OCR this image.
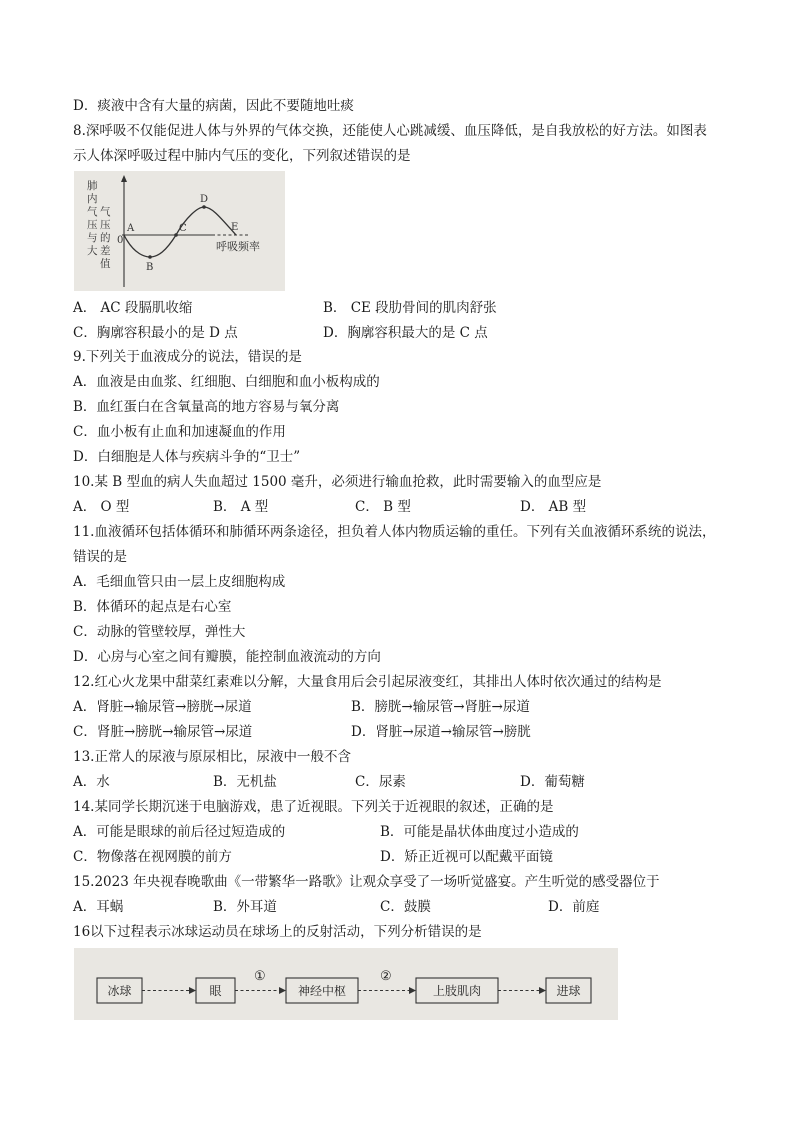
D．痰液中含有大量的病菌，因此不要随地吐痰
8.深呼吸不仅能促进人体与外界的气体交换，还能使人心跳减缓、血压降低，是自我放松的好方法。如图表
示人体深呼吸过程中肺内气压的变化，下列叙述错误的是
肺内气压与大气压的差值
呼吸频率
0
A
B
C
D
E
A． AC 段膈肌收缩	B． CE 段肋骨间的肌肉舒张
C．胸廓容积最小的是 D 点	D．胸廓容积最大的是 C 点
9.下列关于血液成分的说法，错误的是
A．血液是由血浆、红细胞、白细胞和血小板构成的
B．血红蛋白在含氧量高的地方容易与氧分离
C．血小板有止血和加速凝血的作用
D．白细胞是人体与疾病斗争的“卫士”
10.某 B 型血的病人失血超过 1500 毫升，必须进行输血抢救，此时需要输入的血型应是
A． O 型	B． A 型	C． B 型	D． AB 型
11.血液循环包括体循环和肺循环两条途径，担负着人体内物质运输的重任。下列有关血液循环系统的说法，
错误的是
A．毛细血管只由一层上皮细胞构成
B．体循环的起点是右心室
C．动脉的管壁较厚，弹性大
D．心房与心室之间有瓣膜，能控制血液流动的方向
12.红心火龙果中甜菜红素难以分解，大量食用后会引起尿液变红，其排出人体时依次通过的结构是
A．肾脏→输尿管→膀胱→尿道	B．膀胱→输尿管→肾脏→尿道
C．肾脏→膀胱→输尿管→尿道	D．肾脏→尿道→输尿管→膀胱
13.正常人的尿液与原尿相比，尿液中一般不含
A．水	B．无机盐	C．尿素	D．葡萄糖
14.某同学长期沉迷于电脑游戏，患了近视眼。下列关于近视眼的叙述，正确的是
A．可能是眼球的前后径过短造成的	B．可能是晶状体曲度过小造成的
C．物像落在视网膜的前方	D．矫正近视可以配戴平面镜
15.2023 年央视春晚歌曲《一带繁华一路歌》让观众享受了一场听觉盛宴。产生听觉的感受器位于
A．耳蜗	B．外耳道	C．鼓膜	D．前庭
16以下过程表示冰球运动员在球场上的反射活动，下列分析错误的是
冰球	眼	神经中枢	上肢肌肉	进球
①	②
